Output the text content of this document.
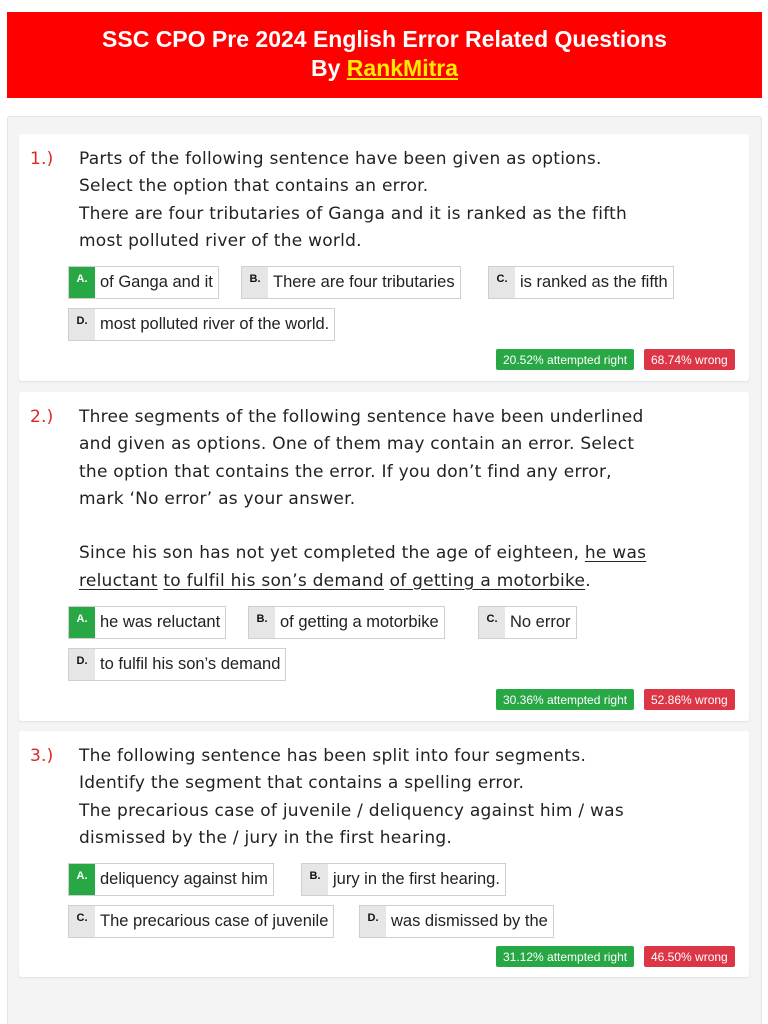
SSC CPO Pre 2024 English Error Related Questions
By RankMitra
1.) Parts of the following sentence have been given as options.

Select the option that contains an error.

There are four tributaries of Ganga and it is ranked as the fifth

most polluted river of the world.

A. of Ganga and it	B. There are four tributaries	C. is ranked as the fifth
D. most polluted river of the world.
20.52% attempted right	68.74% wrong
2.) Three segments of the following sentence have been underlined

and given as options. One of them may contain an error. Select

the option that contains the error. If you don’t find any error,

mark ‘No error’ as your answer.

Since his son has not yet completed the age of eighteen, he was
reluctant to fulfil his son’s demand of getting a motorbike.

A. he was reluctant	B. of getting a motorbike	C. No error
D. to fulfil his son’s demand
30.36% attempted right	52.86% wrong
3.) The following sentence has been split into four segments.

Identify the segment that contains a spelling error.

The precarious case of juvenile / deliquency against him / was

dismissed by the / jury in the first hearing.

A. deliquency against him	B. jury in the first hearing.
C. The precarious case of juvenile	D. was dismissed by the
31.12% attempted right	46.50% wrong
